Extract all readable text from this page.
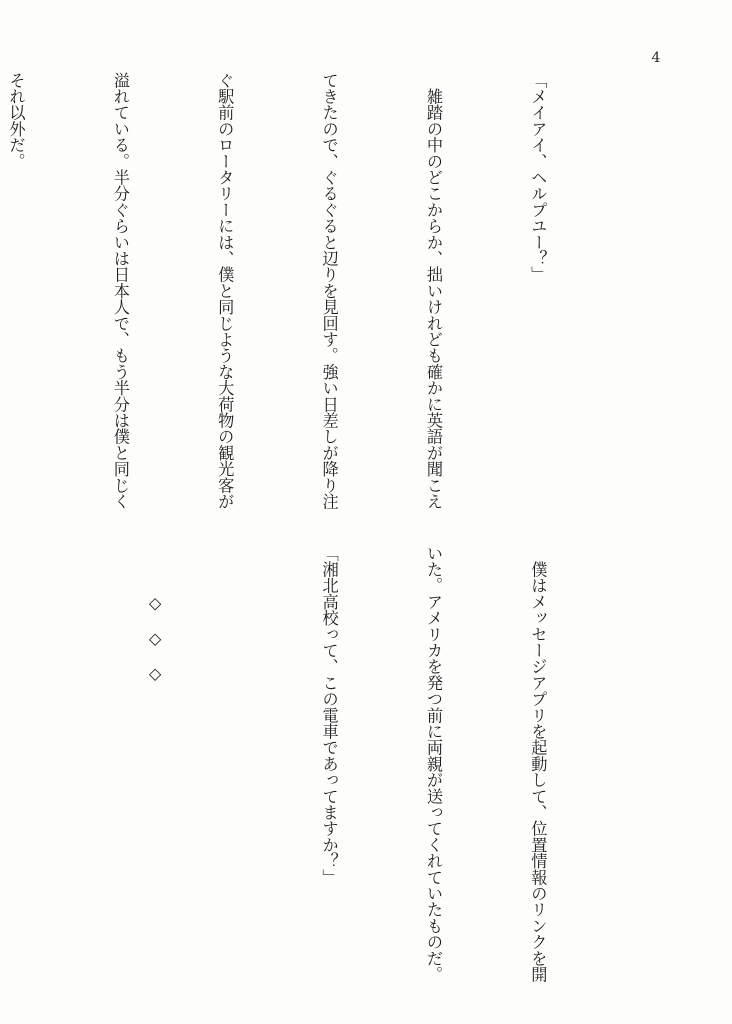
4

「メイアイ、ヘルプユー？」

　雑踏の中のどこからか、拙いけれども確かに英語が聞こえ

てきたので、ぐるぐると辺りを見回す。強い日差しが降り注

ぐ駅前のロータリーには、僕と同じような大荷物の観光客が

溢れている。半分ぐらいは日本人で、もう半分は僕と同じく

それ以外だ。

　僕はメッセージアプリを起動して、位置情報のリンクを開

いた。アメリカを発つ前に両親が送ってくれていたものだ。

「湘北高校って、この電車であってますか？」

　　　◇　◇　◇
